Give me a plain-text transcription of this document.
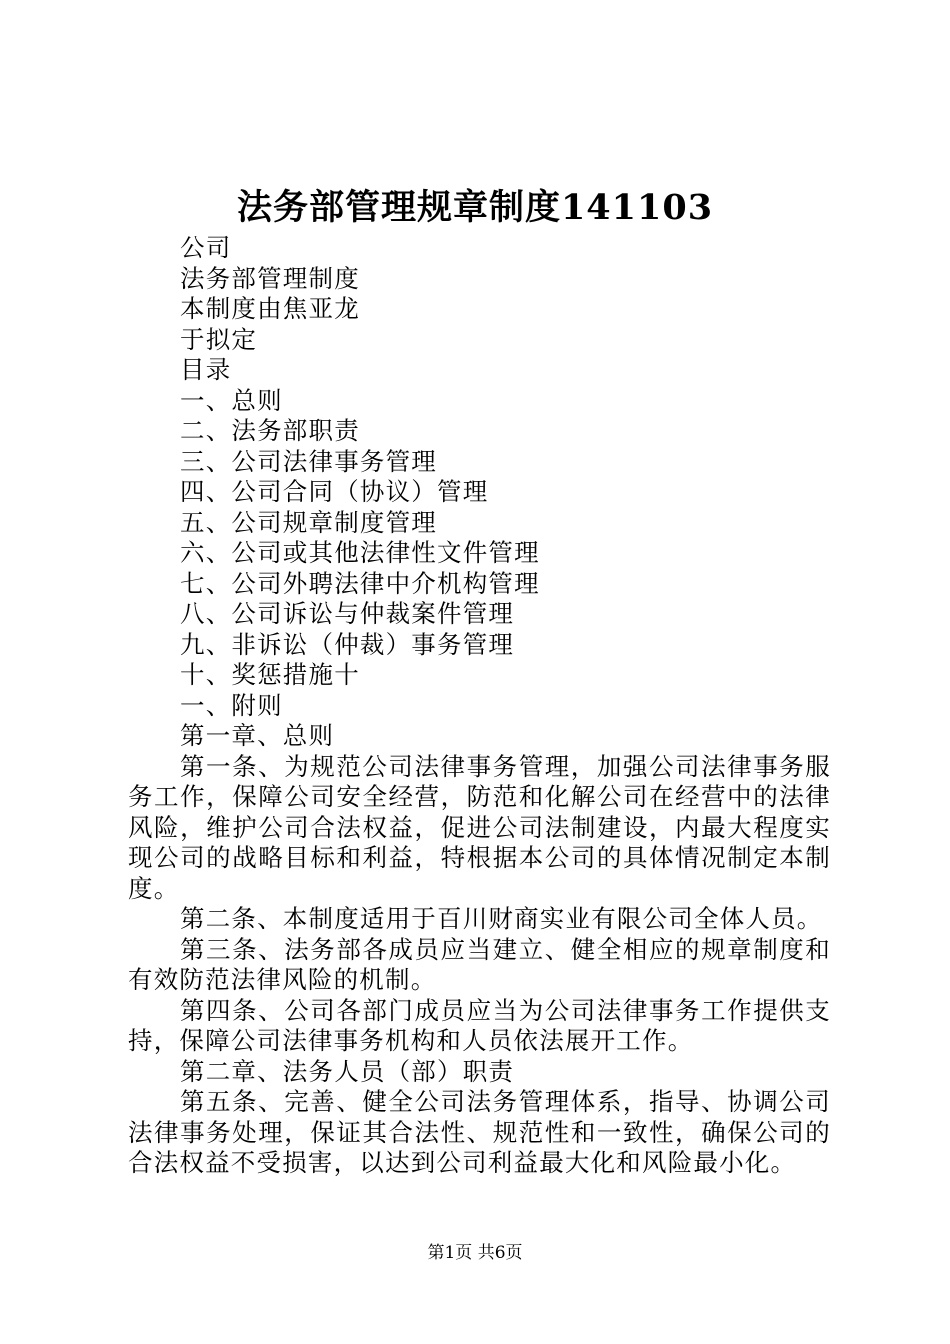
法务部管理规章制度141103
公司
法务部管理制度
本制度由焦亚龙
于拟定
目录
一、总则
二、法务部职责
三、公司法律事务管理
四、公司合同（协议）管理
五、公司规章制度管理
六、公司或其他法律性文件管理
七、公司外聘法律中介机构管理
八、公司诉讼与仲裁案件管理
九、非诉讼（仲裁）事务管理
十、奖惩措施十
一、附则
第一章、总则
第一条、为规范公司法律事务管理，加强公司法律事务服务工作，保障公司安全经营，防范和化解公司在经营中的法律风险，维护公司合法权益，促进公司法制建设，内最大程度实现公司的战略目标和利益，特根据本公司的具体情况制定本制度。
第二条、本制度适用于百川财商实业有限公司全体人员。
第三条、法务部各成员应当建立、健全相应的规章制度和有效防范法律风险的机制。
第四条、公司各部门成员应当为公司法律事务工作提供支持，保障公司法律事务机构和人员依法展开工作。
第二章、法务人员（部）职责
第五条、完善、健全公司法务管理体系，指导、协调公司法律事务处理，保证其合法性、规范性和一致性，确保公司的合法权益不受损害，以达到公司利益最大化和风险最小化。
第1页 共6页
